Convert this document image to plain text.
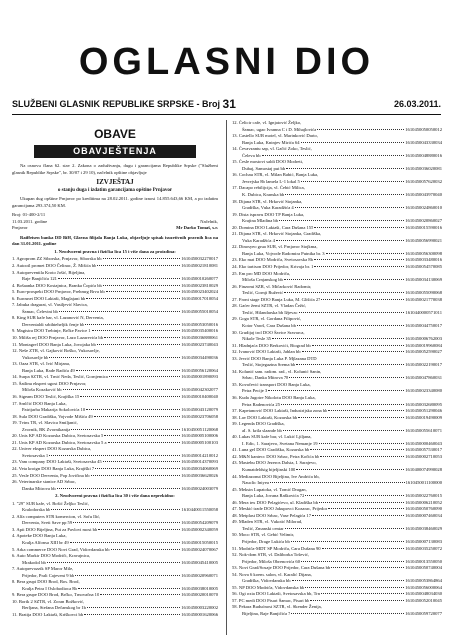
OGLASNI DIO
SLUŽBENI GLASNIK REPUBLIKE SRPSKE - Broj 31	26.03.2011.
OBAVE
OBAVJEŠTENJA

Na osnovu člana 62. stav 2. Zakona o zaduživanju, dugu i garancijama Republike Srpske ("Službeni glasnik Republike Srpske", br. 30/07 i 29 10), načelnik opštine objavljuje

IZVJEŠTAJ
o stanju duga i izdatim garancijama opštine Prnjavor

Ukupan dug opštine Prnjavor po kreditima na 28.02.2011. godine iznosi 14.855.643,66 KM, a po izdatim garancijama 293.374,50 KM.

Broj: 01-400-2/11
11.03.2011. godine	Načelnik,
Prnjavor	Mr Darko Tomaš, s.r.

Raiffeisen banka DD BiH, Glavna filijala Banja Luka, objavljuje spisak isuzetivnih pravnih lica na dan 31.01.2011. godine

1. Neodvoreni pravna i fizička lica 15 i više dana za proizdina:
1. Agroprom ZZ Siborska, Prnjavor, Siborska bb	1610450032270017
2. Autooil promet DOO Čelinac, Ž. Mišića bb	1610450021810081
3. Autopreventila Kroto Jošić, Bijeljina,
Raje Banjičića 121	1610450010260077
4. Bošaanka DOO Kostajnica, Branka Ćopića bb	1610450023810029
5. Euro-prospekt DOO Prnjavor, Prehmrg Brva bb	1610450023402024
6. Eurosnet DOO Laktaši, Maglajani bb	1610450017010054
7. Jabuka dragurat, vl. Vasiljević Slavica,
Šamac, Ćelevini bb	1610450055010054
8. King SUR kafe bar, vl. Lazanović N, Derventa,
Derventaldi srbihteheljik čenje bb	1610450053050016
9. Magistra DOO Trebinje, Brčke Pavice 1	1610450035400016
10. Miliša rej DOO Prnjavor, Lazo Lazarevića bb	1610450036880061
11. Montagrel DOO Banja Luka, Jovojaka bb	1610450023740043
12. Neše ZTR, vl. Gajković Boško, Vukosavlje,
Vukosavlje bb	1610450034490036
13. Oaza STR, vl. Ivić Mirjana,
Banja Luka, Rade Radića 49	1610450056120064
14. Surpa SZTR, vl. Trnić Neda, Teslić, Gornjemica	1610450001890093
15. Šatlinu ekspert ugost DOO Prnjavor,
Miloša Kozaković bb	1610450042302077
16. Sigeam DOO Teslić, Krajiška 15	1610450010400040
17. Srnlčić DOO Banja Luka,
Patrijarha Makarija Sokolovića 10	1610450043120079
18. Sula DOO Gradiška, Vojvode Mišića 49	1610450023706058
19. Tvins TR, vl. Slavica Smiljanić,
Zvornik, BK Zvornikanija	1610450051120068
20. Unis KP AD Kozarska Dubica, Svetosavska 5	1610450005100006
21. Unis KP AD Kozarska Dubica, Svetosavska 5 a	1610450005100103
22. Univer ekspert DOO Kozarska Dubica,
Svetosavska 1	1610450014210012
23. Vam company DOO Laktaši, Svetosavska 45	1610450014370093
24. Veta kroign DOO Banja Luka, Krajiški 7	1610450034060069
25. Vesle DOO Derventa, Pop Jovičina bb	1610450036620026
26. Veterinarske stanice AD Srbac,
Danka Mitrova bb	1610450024003079
2. Neodvoreni pravna i fizička lica 30 i više dana neprekidno:
1. "29" SUR kafe, vl. Bošić Željko Teslić,
Kralodorska bb	1610440011550058
2. Alfa computers STR komercion, vl. Sofu Ilić,
Derventa, Sveti Save pp 59	1610450054209079
3. Apii DOO Bijeljina, Put za Pavlovi most bb	1610450002340059
4. Apoteke DOO Banja Luka,
Kralja Alfonsa XIII br 49	1610450015050015
5. Arka commerce DOO Novi Grad, Vidovdanska bb	1610450024070067
6. Auto Markir DOO Modriči, Kravajnica,
Mrakodol bb	1610450045410005
7. Autoprevozzik SP Maror Mile,
Prijedor, Prali Cajeveni 9 bb	1610450020960071
8. Bera grupi DOO Brod, Bos. Brod,
Kralja Petra I Oslobodioca 8b	1610450038010005
9. Bera grupe DOO Brod, Brčko, Trnovačna 10	1610450020010070
10. Borik 2 SZTR, vl. Zoran Božković,
Berljana, Stefana Dečanskog br 1b	1610450003220002
11. Bratija DOO Laktaši, Kriškovci bb	1610450001620066
12. Ćelicir cafe, vl. Ignjatović Željko,
Šamac, ugao Ivranna C i D. Mihajlovića	1610450050050012
13. Castello SUR motel, vl. Marinković Dario,
Banja Luka, Kninjev Mirića 64	1610450043330034
14. Ćevavzantu sap, vl. Gačić Zoko, Teslić,
Ćeleva bb	1610450048880016
15. Ćesle mostovi saldi DOO Modreti,
Dubaj, Samostaj put bb	1610450036020081
16. Cochau STR, vl. Milan Babić, Banja Luka,
Jevrejska 8b lamela L-1 lokal 5	1610450057620032
17. Dacapo rebilijcija, vl. Ćebić Milica,
K. Dubica, Kranska bb	1610450043970040
18. Dijana STR, vl. Hrković Stojanka,
Gradiška, Vuka Karadžića 4	1610450024860010
19. Dista ispravu DOO TP Banja Luka,
Krajina Mladina bb	1610450020860027
20. Domina DOO Laktaši, Cara Dušana 155	1610450015590016
21. Dijana STR, vl. Hrković Stojanka, Gradiška,
Vuka Karadžića 4	1610450056990021
22. Dinosyeo grua SUR, vl. Prnjavor Stojkma,
Banja Luka, Vojvode Radomira Putnika br. 3	1610450056300098
23. Eko mat DOO Modriča, Svetosavska 8b	1610450033480016
24. Eko tartison DOO Prijedor, Krivaja br. 1	1610450054570085
25. Em pro MD DOO Modriča,
Miloša Crnjanskog bb	1610450034130069
26. Finzomi SZR, vl. Mičarković Radomir,
Teslić, Gornji Ružević	1610450055090068
27. Front stage DOO Banja Luka, M. Glišića 27	1610450021770038
28. Gaćer žemi SZTR, vl. Vladan Čežić,
Teslić, Hilandarska bb Ižjevac	1610440000571011
29. Goga STR, vl. Gordana Filipović,
Kotor Varoš, Cara Dušana bb	1610450044750017
30. Grudijaj trol DOO Šavice Sravarca,
Nikole Tesle 35	1610450006762003
31. Hladnjaća DOO Berkovići, Biograd bb	1610450019960084
32. Ivanović DOO Laktaši, Jablan bb	1610450052590027
33. Jevrić DOO Banja Luka P. Mjlazana DTD
Teslić, Stojegazina Srema bb	1610450022190017
34. Kolunić sam. radom. rad., vl. Kolunić Sanin,
Srbac, Danka Mitrova 78	1610450047860031
35. Kovačević transport DOO Banja Luka,
Petra Pecije 3	1610450023340080
36. Kuda Jugotre Nikolotu DOO Banja Luka,
Petra Radenovića 25	1610450032680095
37. Kapetanović DOO Laktaši, Industrijska zona bb	1610450051290046
38. Lav DOO Laktaši, Kozarska bb	1610450019490009
39. Legenda DOO Gradiška,
aI. S. krila slaznde bb	1610450055610071
40. Lukas SUR kafe bar, vl. Lukić Ljiljana,
I. Edic, 1. Sarajevo, Svetana Nemanje 19	1610450000460043
41. Luna gel DOO Gradiška, Kozarska bb	1610450057530017
42. M&N kantecc DOO Srbac, Petra Kočića bb	1610450002710053
43. Mastebu DOO Jezeros Dalsta, I. Sarajevo,
Kumatdeldsig bijeljinski 100	1610400074990028
44. Mediazonut DOO Bijeljina, Ive Andrića bb,
Nauclic Iniyea	1610450011100000
45. Meksin Lupatoka, vl. Tomić Dragan,
Banja Luka, Jovana Raškovića 72	1610450022760015
46. Mera tex DOO Pelagićevo, ul. Kladiška bb	1610450006210052
47. Meskić trade DOO Jakupovci Kozarac, Prijedor	1610450050760090
48. Metplast DOO Srbac, Vase Pelagića 17	1610450007460034
49. Mladen STR, vl. Vukotić Milorad,
Teslić, Zmanski centar	1610450038460029
50. Moco STR, vl. Gebić Velimir,
Prijedor, Drage Lukića bb	1610450007130083
51. Modriča-MDT SP Modriča, Cara Dušana 90	1610450035250072
52. Nok-dom STR, vl. Daliborka Tošević,
Prijedor, Miloša Obrenovića 60	1610450013550050
53. Novi Grad/Sosaje DOO Prijedor, Cara Dušana bb	1610450050740004
54. Nova 6 koem. salon, vl. Karalić Dijana,
Gradiška, Vidovdanska bb	1610450053864864
55. NP DOO Modriča, Vidovdanska bb	1610450056000064
56. Ogi oxia DOO Laktaši, Svetosavska bb, Trn	1610450048034030
57. PC medi DOO Pisari Šamac, Pisari bb	1610450052010045
58. Pekara Budućnost SZTR, vl. Skender Ženija,
Bijeljina, Raje Banjičića 7	1610450059720077
